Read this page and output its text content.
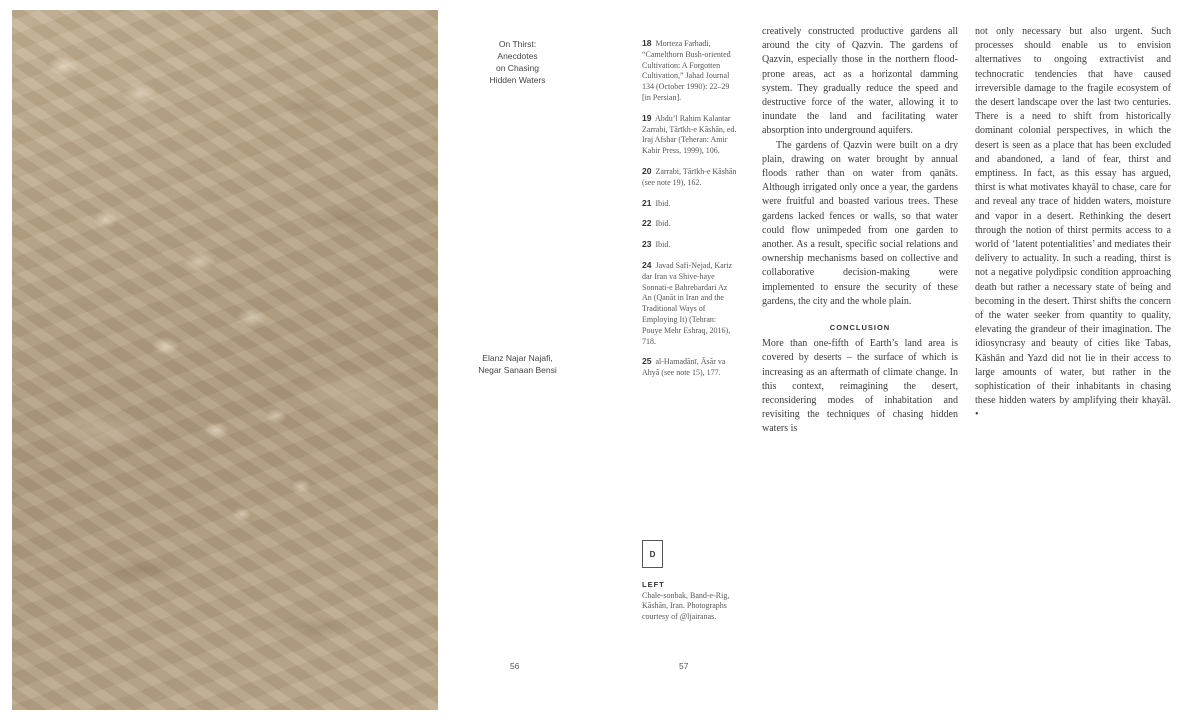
On Thirst:
Anecdotes
on Chasing
Hidden Waters
Elanz Najar Najafi,
Negar Sanaan Bensi
56

18 Morteza Farhadi, “Camelthorn Bush-oriented Cultivation: A Forgotten Cultivation,” Jahad Journal 134 (October 1990): 22–29 [in Persian].

19 Abdu’l Rahim Kalantar Zarrabi, Tārīkh-e Kāshān, ed. Iraj Afshar (Teheran: Amir Kabir Press, 1999), 106.

20 Zarrabi, Tārīkh-e Kāshān (see note 19), 162.

21 Ibid.

22 Ibid.

23 Ibid.

24 Javad Safi-Nejad, Kariz dar Iran va Shive-haye Sonnati-e Bahrebardari Az An (Qanāt in Iran and the Traditional Ways of Employing It) (Tehran: Pouye Mehr Eshraq, 2016), 718.

25 al-Hamadānī, Āsār va Ahyā (see note 15), 177.

D
LEFT
Chale-sonbak, Band-e-Rig, Kāshān, Iran. Photographs courtesy of @ljairanas.

creatively constructed productive gardens all around the city of Qazvin. The gardens of Qazvin, especially those in the northern flood-prone areas, act as a horizontal damming system. They gradually reduce the speed and destructive force of the water, allowing it to inundate the land and facilitating water absorption into underground aquifers.

The gardens of Qazvin were built on a dry plain, drawing on water brought by annual floods rather than on water from qanāts. Although irrigated only once a year, the gardens were fruitful and boasted various trees. These gardens lacked fences or walls, so that water could flow unimpeded from one garden to another. As a result, specific social relations and ownership mechanisms based on collective and collaborative decision-making were implemented to ensure the security of these gardens, the city and the whole plain.

CONCLUSION

More than one-fifth of Earth’s land area is covered by deserts – the surface of which is increasing as an aftermath of climate change. In this context, reimagining the desert, reconsidering modes of inhabitation and revisiting the techniques of chasing hidden waters is

not only necessary but also urgent. Such processes should enable us to envision alternatives to ongoing extractivist and technocratic tendencies that have caused irreversible damage to the fragile ecosystem of the desert landscape over the last two centuries. There is a need to shift from historically dominant colonial perspectives, in which the desert is seen as a place that has been excluded and abandoned, a land of fear, thirst and emptiness. In fact, as this essay has argued, thirst is what motivates khayāl to chase, care for and reveal any trace of hidden waters, moisture and vapor in a desert. Rethinking the desert through the notion of thirst permits access to a world of ‘latent potentialities’ and mediates their delivery to actuality. In such a reading, thirst is not a negative polydipsic condition approaching death but rather a necessary state of being and becoming in the desert. Thirst shifts the concern of the water seeker from quantity to quality, elevating the grandeur of their imagination. The idiosyncrasy and beauty of cities like Tabas, Kāshān and Yazd did not lie in their access to large amounts of water, but rather in the sophistication of their inhabitants in chasing these hidden waters by amplifying their khayāl. •

57
